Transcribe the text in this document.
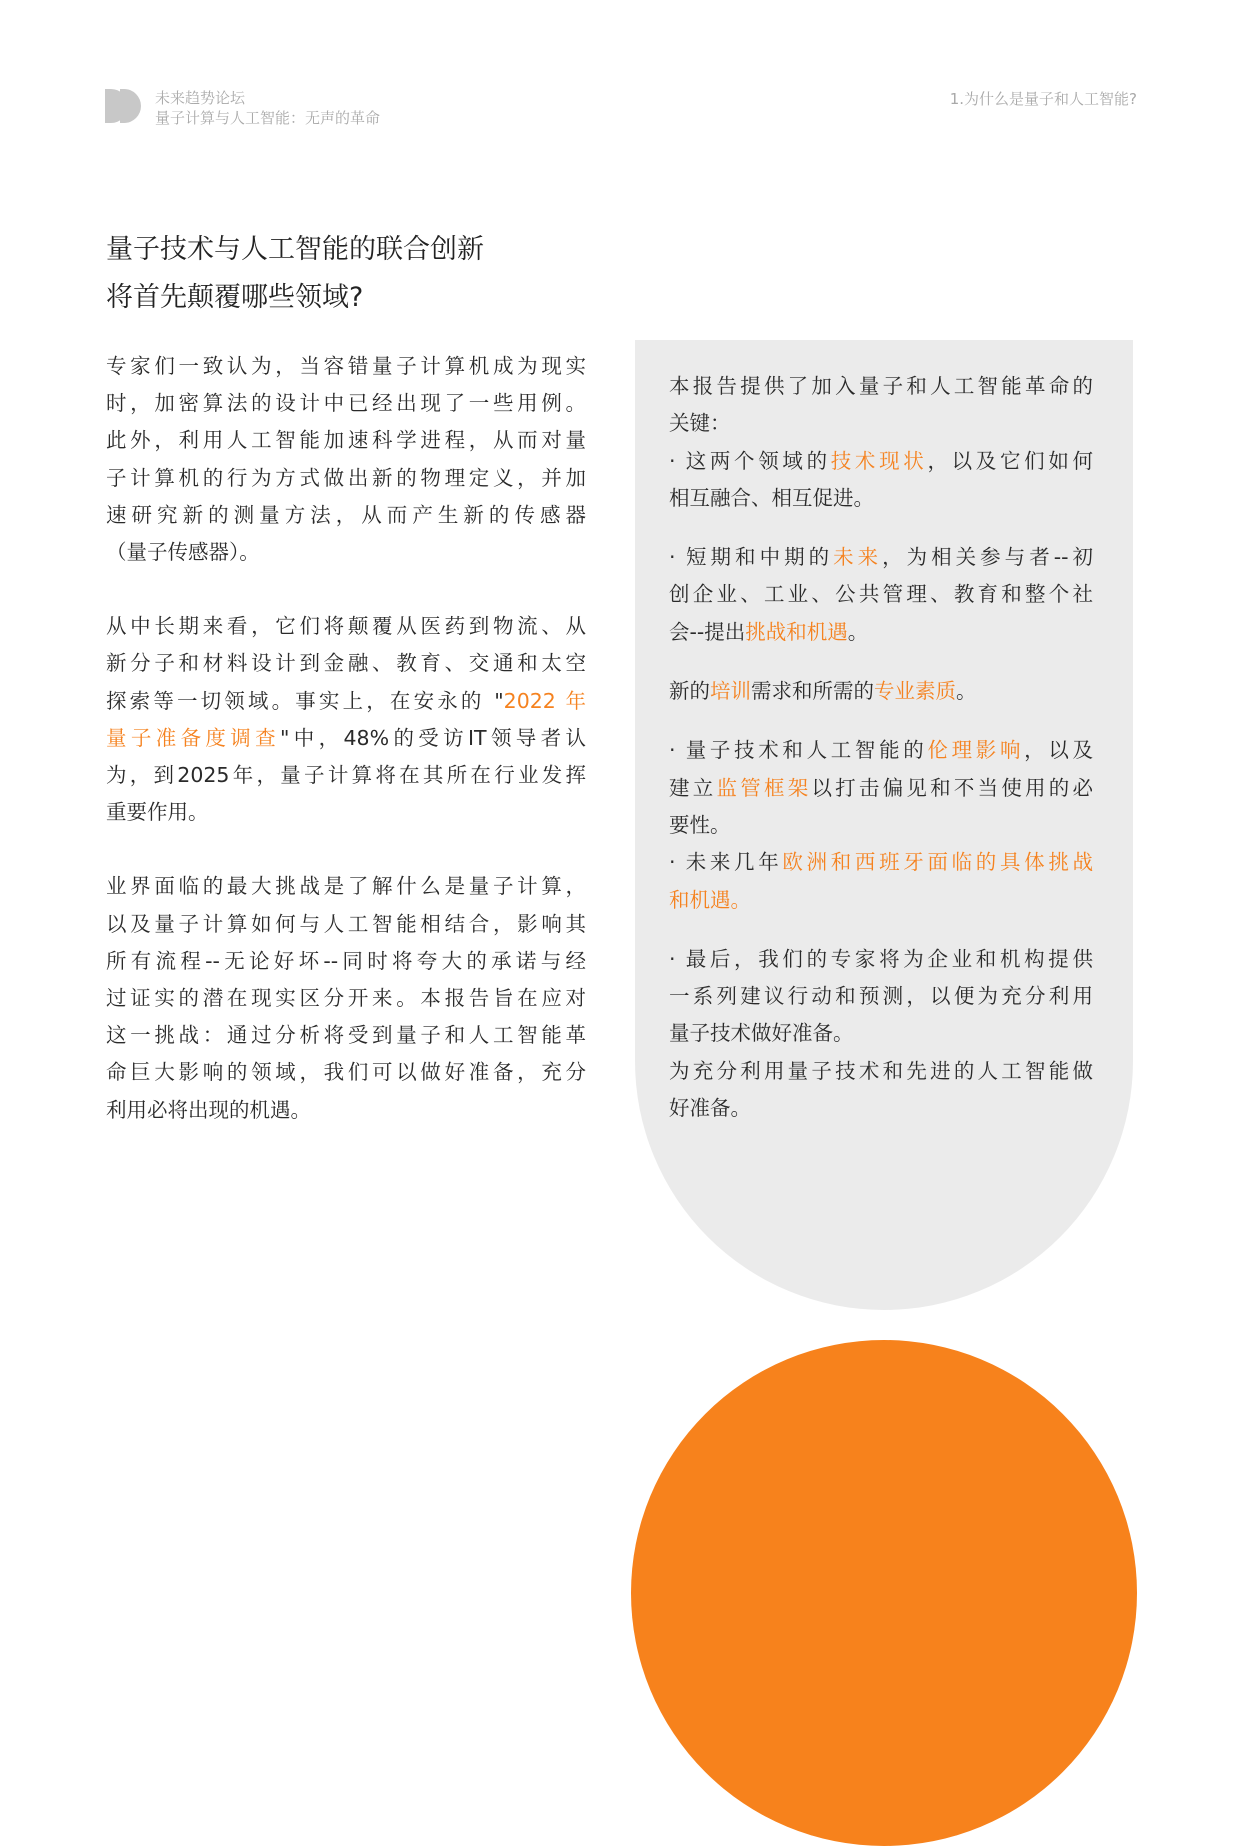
未来趋势论坛
量子计算与人工智能：无声的革命
1.为什么是量子和人工智能?
量子技术与人工智能的联合创新
将首先颠覆哪些领域?
专家们一致认为，当容错量子计算机成为现实
时，加密算法的设计中已经出现了一些用例。
此外，利用人工智能加速科学进程，从而对量
子计算机的行为方式做出新的物理定义，并加
速研究新的测量方法，从而产生新的传感器
（量子传感器）。
从中长期来看，它们将颠覆从医药到物流、从
新分子和材料设计到金融、教育、交通和太空
探索等一切领域。事实上，在安永的 "2022 年
量子准备度调查"中，48%的受访IT领导者认
为，到2025年，量子计算将在其所在行业发挥
重要作用。
业界面临的最大挑战是了解什么是量子计算，
以及量子计算如何与人工智能相结合，影响其
所有流程--无论好坏--同时将夸大的承诺与经
过证实的潜在现实区分开来。本报告旨在应对
这一挑战：通过分析将受到量子和人工智能革
命巨大影响的领域，我们可以做好准备，充分
利用必将出现的机遇。
本报告提供了加入量子和人工智能革命的
关键：
· 这两个领域的技术现状，以及它们如何
相互融合、相互促进。
· 短期和中期的未来，为相关参与者--初
创企业、工业、公共管理、教育和整个社
会--提出挑战和机遇。
新的培训需求和所需的专业素质。
· 量子技术和人工智能的伦理影响，以及
建立监管框架以打击偏见和不当使用的必
要性。
· 未来几年欧洲和西班牙面临的具体挑战
和机遇。
· 最后，我们的专家将为企业和机构提供
一系列建议行动和预测，以便为充分利用
量子技术做好准备。
为充分利用量子技术和先进的人工智能做
好准备。
